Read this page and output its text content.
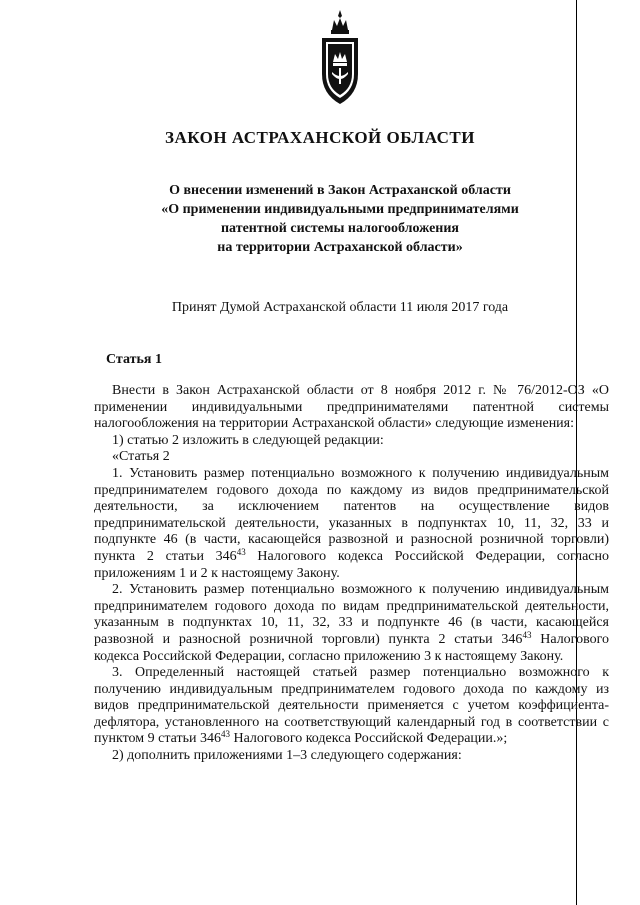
ЗАКОН АСТРАХАНСКОЙ ОБЛАСТИ
О внесении изменений в Закон Астраханской области
«О применении индивидуальными предпринимателями
патентной системы налогообложения
на территории Астраханской области»
Принят Думой Астраханской области 11 июля 2017 года
Статья 1

Внести в Закон Астраханской области от 8 ноября 2012 г. № 76/2012-ОЗ «О применении индивидуальными предпринимателями патентной системы налогообложения на территории Астраханской области» следующие изменения:

1) статью 2 изложить в следующей редакции:

«Статья 2

1. Установить размер потенциально возможного к получению индивидуальным предпринимателем годового дохода по каждому из видов предпринимательской деятельности, за исключением патентов на осуществление видов предпринимательской деятельности, указанных в подпунктах 10, 11, 32, 33 и подпункте 46 (в части, касающейся развозной и разносной розничной торговли) пункта 2 статьи $346^{43}$ Налогового кодекса Российской Федерации, согласно приложениям 1 и 2 к настоящему Закону.

2. Установить размер потенциально возможного к получению индивидуальным предпринимателем годового дохода по видам предпринимательской деятельности, указанным в подпунктах 10, 11, 32, 33 и подпункте 46 (в части, касающейся развозной и разносной розничной торговли) пункта 2 статьи $346^{43}$ Налогового кодекса Российской Федерации, согласно приложению 3 к настоящему Закону.

3. Определенный настоящей статьей размер потенциально возможного к получению индивидуальным предпринимателем годового дохода по каждому из видов предпринимательской деятельности применяется с учетом коэффициента-дефлятора, установленного на соответствующий календарный год в соответствии с пунктом 9 статьи $346^{43}$ Налогового кодекса Российской Федерации.»;

2) дополнить приложениями 1–3 следующего содержания:
